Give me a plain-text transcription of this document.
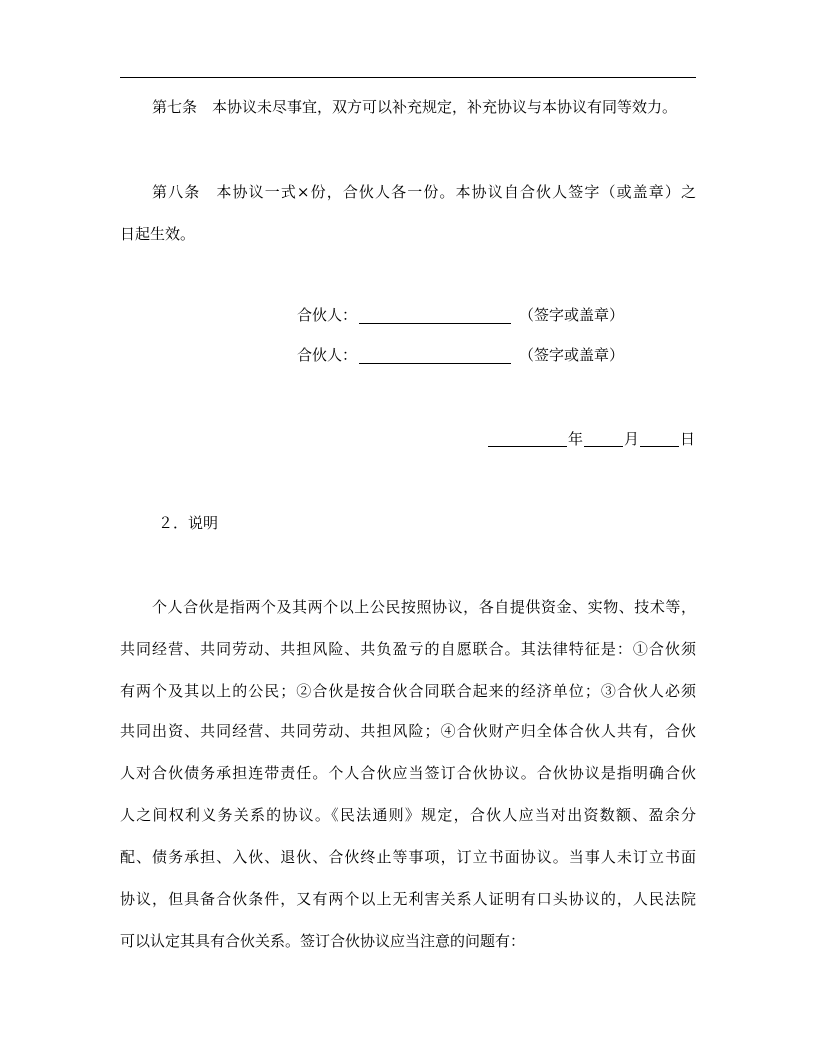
第七条　本协议未尽事宜，双方可以补充规定，补充协议与本协议有同等效力。
第八条　本协议一式×份，合伙人各一份。本协议自合伙人签字（或盖章）之
日起生效。
合伙人：	（签字或盖章）
合伙人：	（签字或盖章）
年	月	日
２．说明
个人合伙是指两个及其两个以上公民按照协议，各自提供资金、实物、技术等，
共同经营、共同劳动、共担风险、共负盈亏的自愿联合。其法律特征是：①合伙须
有两个及其以上的公民；②合伙是按合伙合同联合起来的经济单位；③合伙人必须
共同出资、共同经营、共同劳动、共担风险；④合伙财产归全体合伙人共有，合伙
人对合伙债务承担连带责任。个人合伙应当签订合伙协议。合伙协议是指明确合伙
人之间权利义务关系的协议。《民法通则》规定，合伙人应当对出资数额、盈余分
配、债务承担、入伙、退伙、合伙终止等事项，订立书面协议。当事人未订立书面
协议，但具备合伙条件，又有两个以上无利害关系人证明有口头协议的，人民法院
可以认定其具有合伙关系。签订合伙协议应当注意的问题有：
